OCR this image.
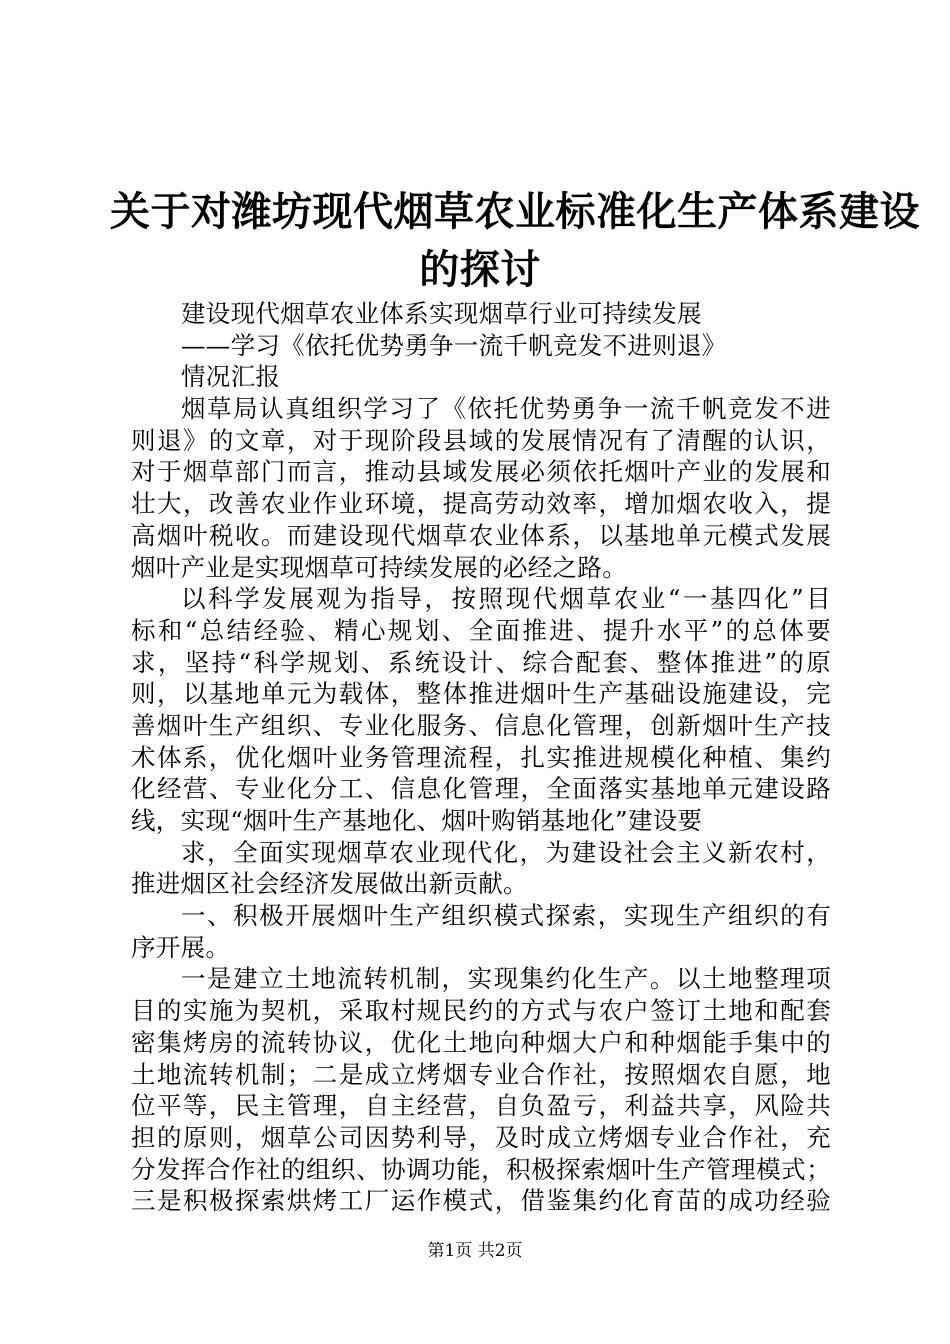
关于对潍坊现代烟草农业标准化生产体系建设
的探讨
建设现代烟草农业体系实现烟草行业可持续发展
——学习《依托优势勇争一流千帆竞发不进则退》
情况汇报
烟草局认真组织学习了《依托优势勇争一流千帆竞发不进
则退》的文章，对于现阶段县域的发展情况有了清醒的认识，
对于烟草部门而言，推动县域发展必须依托烟叶产业的发展和
壮大，改善农业作业环境，提高劳动效率，增加烟农收入，提
高烟叶税收。而建设现代烟草农业体系，以基地单元模式发展
烟叶产业是实现烟草可持续发展的必经之路。
以科学发展观为指导，按照现代烟草农业“一基四化”目
标和“总结经验、精心规划、全面推进、提升水平”的总体要
求，坚持“科学规划、系统设计、综合配套、整体推进”的原
则，以基地单元为载体，整体推进烟叶生产基础设施建设，完
善烟叶生产组织、专业化服务、信息化管理，创新烟叶生产技
术体系，优化烟叶业务管理流程，扎实推进规模化种植、集约
化经营、专业化分工、信息化管理，全面落实基地单元建设路
线，实现“烟叶生产基地化、烟叶购销基地化”建设要
求，全面实现烟草农业现代化，为建设社会主义新农村，
推进烟区社会经济发展做出新贡献。
一、积极开展烟叶生产组织模式探索，实现生产组织的有
序开展。
一是建立土地流转机制，实现集约化生产。以土地整理项
目的实施为契机，采取村规民约的方式与农户签订土地和配套
密集烤房的流转协议，优化土地向种烟大户和种烟能手集中的
土地流转机制；二是成立烤烟专业合作社，按照烟农自愿，地
位平等，民主管理，自主经营，自负盈亏，利益共享，风险共
担的原则，烟草公司因势利导，及时成立烤烟专业合作社，充
分发挥合作社的组织、协调功能，积极探索烟叶生产管理模式；
三是积极探索烘烤工厂运作模式，借鉴集约化育苗的成功经验
第1页 共2页
